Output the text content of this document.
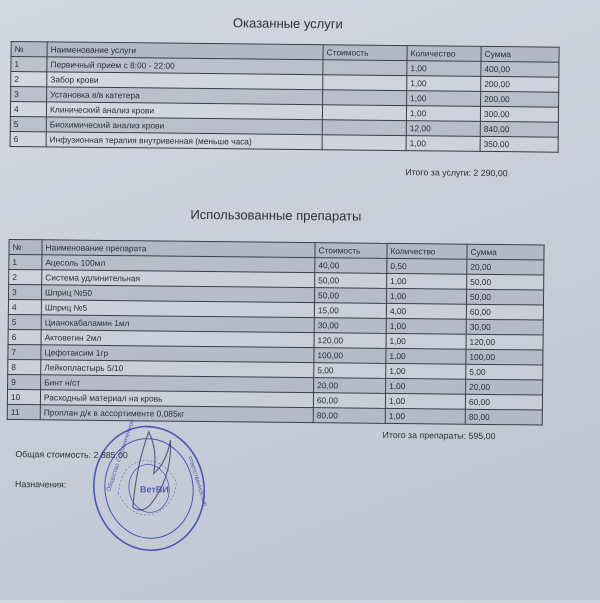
Оказанные услуги
№	Наименование услуги	Стоимость	Количество	Сумма
1	Первичный прием с 8:00 - 22:00		1,00	400,00
2	Забор крови		1,00	200,00
3	Установка в/в катетера		1,00	200,00
4	Клинический анализ крови		1,00	300,00
5	Биохимический анализ крови		12,00	840,00
6	Инфузионная терапия внутривенная (меньше часа)		1,00	350,00
Итого за услуги: 2 290,00
Использованные препараты
№	Наименование препарата	Стоимость	Количество	Сумма
1	Ацесоль 100мл	40,00	0,50	20,00
2	Система удлинительная	50,00	1,00	50,00
3	Шприц №50	50,00	1,00	50,00
4	Шприц №5	15,00	4,00	60,00
5	Цианокабаламин 1мл	30,00	1,00	30,00
6	Актовегин 2мл	120,00	1,00	120,00
7	Цефотаксим 1гр	100,00	1,00	100,00
8	Лейкопластырь 5/10	5,00	1,00	5,00
9	Бинт н/ст	20,00	1,00	20,00
10	Расходный материал на кровь	60,00	1,00	60,00
11	Проплан д/к в ассортименте 0,085кг	80,00	1,00	80,00
Итого за препараты: 595,00
Общая стоимость: 2 885,00
Назначения:	Общество с ограниченной	ответственностью
ВетВИ
